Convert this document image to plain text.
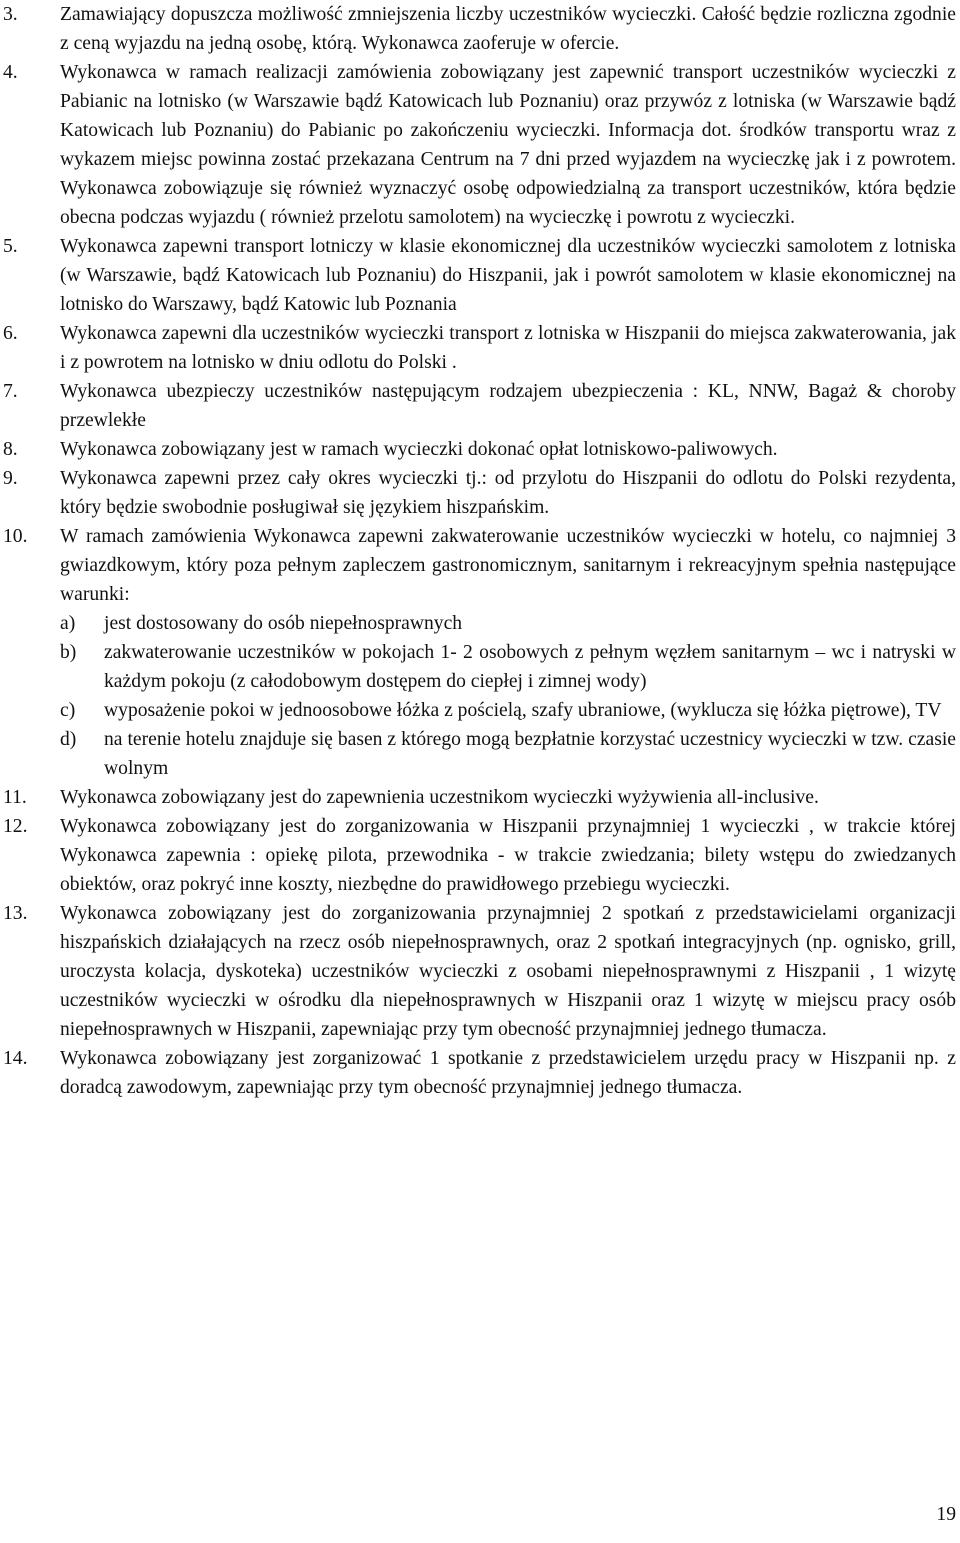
3.	Zamawiający dopuszcza możliwość zmniejszenia liczby uczestników wycieczki. Całość będzie rozliczna zgodnie z ceną wyjazdu na jedną osobę, którą. Wykonawca zaoferuje w ofercie.
4.	Wykonawca w ramach realizacji zamówienia zobowiązany jest zapewnić transport uczestników wycieczki z Pabianic na lotnisko (w Warszawie bądź Katowicach lub Poznaniu) oraz przywóz z lotniska (w Warszawie bądź Katowicach lub Poznaniu) do Pabianic po zakończeniu wycieczki. Informacja dot. środków transportu wraz z wykazem miejsc powinna zostać przekazana Centrum na 7 dni przed wyjazdem na wycieczkę jak i z powrotem. Wykonawca zobowiązuje się również wyznaczyć osobę odpowiedzialną za transport uczestników, która będzie obecna podczas wyjazdu ( również przelotu samolotem) na wycieczkę i powrotu z wycieczki.
5.	Wykonawca zapewni transport lotniczy w klasie ekonomicznej dla uczestników wycieczki samolotem z lotniska (w Warszawie, bądź Katowicach lub Poznaniu) do Hiszpanii, jak i powrót samolotem w klasie ekonomicznej na lotnisko do Warszawy, bądź Katowic lub Poznania
6.	Wykonawca zapewni dla uczestników wycieczki transport z lotniska w Hiszpanii do miejsca zakwaterowania, jak i z powrotem na lotnisko w dniu odlotu do Polski .
7.	Wykonawca ubezpieczy uczestników następującym rodzajem ubezpieczenia : KL, NNW, Bagaż & choroby przewlekłe
8.	Wykonawca zobowiązany jest w ramach wycieczki dokonać opłat lotniskowo-paliwowych.
9.	Wykonawca zapewni przez cały okres wycieczki tj.: od przylotu do Hiszpanii do odlotu do Polski rezydenta, który będzie swobodnie posługiwał się językiem hiszpańskim.
10.	W ramach zamówienia Wykonawca zapewni zakwaterowanie uczestników wycieczki w hotelu, co najmniej 3 gwiazdkowym, który poza pełnym zapleczem gastronomicznym, sanitarnym i rekreacyjnym spełnia następujące warunki:
a)	jest dostosowany do osób niepełnosprawnych
b)	zakwaterowanie uczestników w pokojach 1- 2 osobowych z pełnym węzłem sanitarnym – wc i natryski w każdym pokoju (z całodobowym dostępem do ciepłej i zimnej wody)
c)	wyposażenie pokoi w jednoosobowe łóżka z pościelą, szafy ubraniowe, (wyklucza się łóżka piętrowe), TV
d)	na terenie hotelu znajduje się basen z którego mogą bezpłatnie korzystać uczestnicy wycieczki w tzw. czasie wolnym
11.	Wykonawca zobowiązany jest do zapewnienia uczestnikom wycieczki wyżywienia all-inclusive.
12.	Wykonawca zobowiązany jest do zorganizowania w Hiszpanii przynajmniej 1 wycieczki , w trakcie której Wykonawca zapewnia : opiekę pilota, przewodnika - w trakcie zwiedzania; bilety wstępu do zwiedzanych obiektów, oraz pokryć inne koszty, niezbędne do prawidłowego przebiegu wycieczki.
13.	Wykonawca zobowiązany jest do zorganizowania przynajmniej 2 spotkań z przedstawicielami organizacji hiszpańskich działających na rzecz osób niepełnosprawnych, oraz 2 spotkań integracyjnych (np. ognisko, grill, uroczysta kolacja, dyskoteka) uczestników wycieczki z osobami niepełnosprawnymi z Hiszpanii , 1 wizytę uczestników wycieczki w ośrodku dla niepełnosprawnych w Hiszpanii oraz 1 wizytę w miejscu pracy osób niepełnosprawnych w Hiszpanii, zapewniając przy tym obecność przynajmniej jednego tłumacza.
14.	Wykonawca zobowiązany jest zorganizować 1 spotkanie z przedstawicielem urzędu pracy w Hiszpanii np. z doradcą zawodowym, zapewniając przy tym obecność przynajmniej jednego tłumacza.
19
